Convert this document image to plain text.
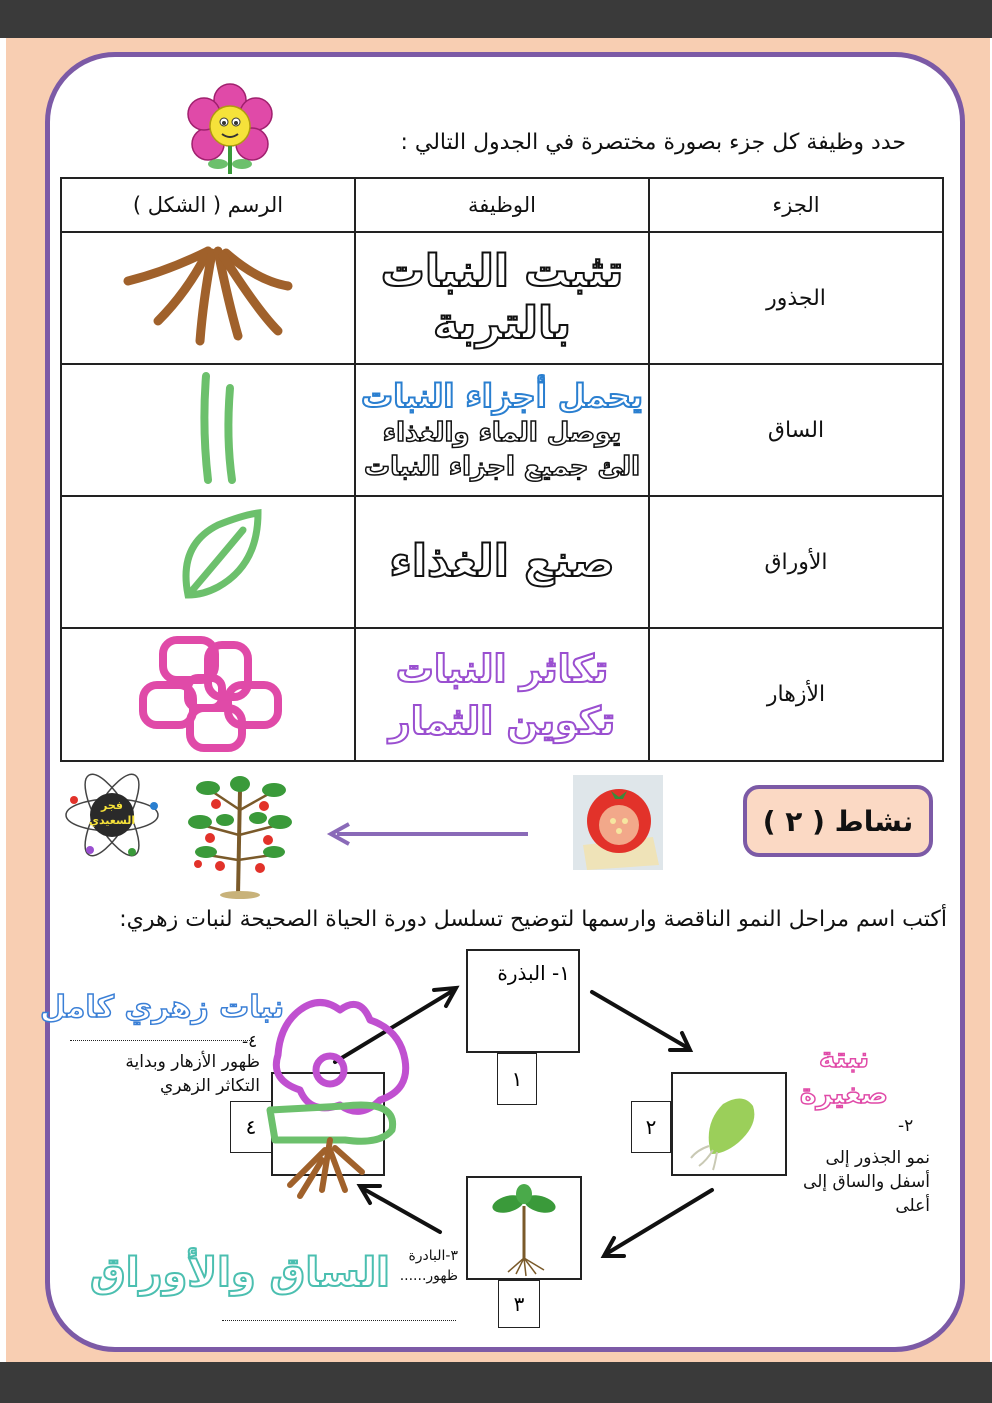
حدد وظيفة كل جزء بصورة مختصرة في الجدول التالي :
الجزء	الوظيفة	الرسم ( الشكل )
الجذور	تثبت النبات
بالتربة

الساق	يحمل أجزاء النبات
يوصل الماء والغذاء
الئ جميع اجزاء النبات

الأوراق	صنع الغذاء

الأزهار	تكاثر النبات
تكوين الثمار

نشاط ( ٢ )
فجر
السعيدي
أكتب اسم مراحل النمو الناقصة وارسمها لتوضيح تسلسل دورة الحياة الصحيحة لنبات زهري:
١- البذرة
١
٢
٣
٤
نبتة
صغيرة
٢-
نمو الجذور إلى
أسفل والساق إلى
أعلى
٣-البادرة
ظهور......
الساق والأوراق
نبات زهري كامل
٤-
ظهور الأزهار وبداية
التكاثر الزهري
